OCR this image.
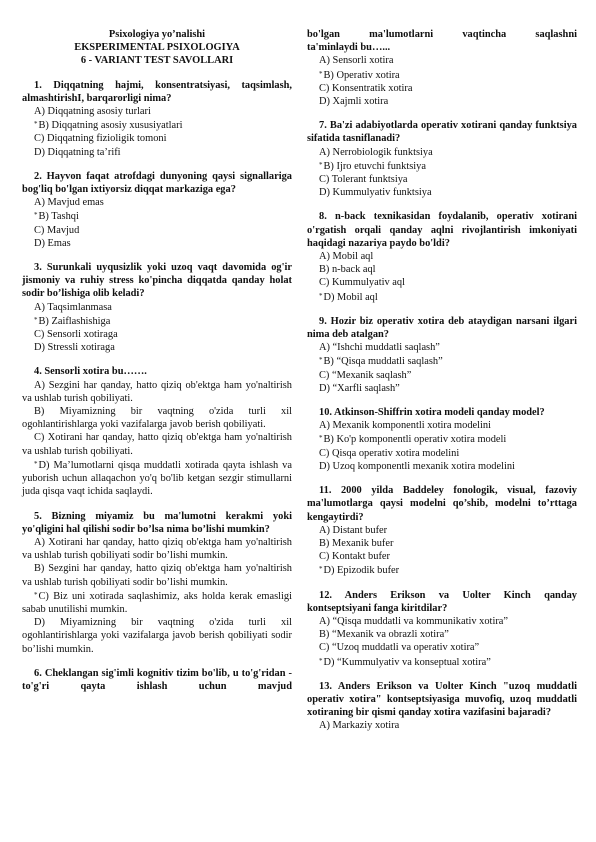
Psixologiya yo’nalishi
EKSPERIMENTAL PSIXOLOGIYA
6 - VARIANT TEST SAVOLLARI
1. Diqqatning hajmi, konsentratsiyasi, taqsimlash, almashtirishI, barqarorligi nima?
A) Diqqatning asosiy turlari
*B) Diqqatning asosiy xususiyatlari
C) Diqqatning fizioligik tomoni
D) Diqqatning ta’rifi
2. Hayvon faqat atrofdagi dunyoning qaysi signallariga bog'liq bo'lgan ixtiyorsiz diqqat markaziga ega?
A) Mavjud emas
*B) Tashqi
C) Mavjud
D) Emas
3. Surunkali uyqusizlik yoki uzoq vaqt davomida og'ir jismoniy va ruhiy stress ko'pincha diqqatda qanday holat sodir bo’lishiga olib keladi?
A) Taqsimlanmasa
*B) Zaiflashishiga
C) Sensorli xotiraga
D) Stressli xotiraga
4. Sensorli xotira bu…….
A) Sezgini har qanday, hatto qiziq ob'ektga ham yo'naltirish va ushlab turish qobiliyati.
B) Miyamizning bir vaqtning o'zida turli xil ogohlantirishlarga yoki vazifalarga javob berish qobiliyati.
C) Xotirani har qanday, hatto qiziq ob'ektga ham yo'naltirish va ushlab turish qobiliyati.
*D) Ma’lumotlarni qisqa muddatli xotirada qayta ishlash va yuborish uchun allaqachon yo'q bo'lib ketgan sezgir stimullarni juda qisqa vaqt ichida saqlaydi.
5. Bizning miyamiz bu ma'lumotni kerakmi yoki yo'qligini hal qilishi sodir bo’lsa nima bo’lishi mumkin?
A) Xotirani har qanday, hatto qiziq ob'ektga ham yo'naltirish va ushlab turish qobiliyati sodir bo’lishi mumkin.
B) Sezgini har qanday, hatto qiziq ob'ektga ham yo'naltirish va ushlab turish qobiliyati sodir bo’lishi mumkin.
*C) Biz uni xotirada saqlashimiz, aks holda kerak emasligi sabab unutilishi mumkin.
D) Miyamizning bir vaqtning o'zida turli xil ogohlantirishlarga yoki vazifalarga javob berish qobiliyati sodir bo’lishi mumkin.
6. Cheklangan sig'imli kognitiv tizim bo'lib, u to'g'ridan - to'g'ri qayta ishlash uchun mavjud
bo'lgan ma'lumotlarni vaqtincha saqlashni
ta'minlaydi bu…...
A) Sensorli xotira
*B) Operativ xotira
C) Konsentratik xotira
D) Xajmli xotira
7. Ba'zi adabiyotlarda operativ xotirani qanday funktsiya sifatida tasniflanadi?
A) Nerrobiologik funktsiya
*B) Ijro etuvchi funktsiya
C) Tolerant funktsiya
D) Kummulyativ funktsiya
8. n-back texnikasidan foydalanib, operativ xotirani o'rgatish orqali qanday aqlni rivojlantirish imkoniyati haqidagi nazariya paydo bo'ldi?
A) Mobil aql
B) n-back aql
C) Kummulyativ aql
*D) Mobil aql
9. Hozir biz operativ xotira deb ataydigan narsani ilgari nima deb atalgan?
A) “Ishchi muddatli saqlash”
*B) “Qisqa muddatli saqlash”
C) “Mexanik saqlash”
D) “Xarfli saqlash”
10. Atkinson-Shiffrin xotira modeli qanday model?
A) Mexanik komponentli xotira modelini
*B) Ko'p komponentli operativ xotira modeli
C) Qisqa operativ xotira modelini
D) Uzoq komponentli mexanik xotira modelini
11. 2000 yilda Baddeley fonologik, visual, fazoviy ma'lumotlarga qaysi modelni qo’shib, modelni to’rttaga kengaytirdi?
A) Distant bufer
B) Mexanik bufer
C) Kontakt bufer
*D) Epizodik bufer
12. Anders Erikson va Uolter Kinch qanday kontseptsiyani fanga kiritdilar?
A) “Qisqa muddatli va kommunikativ xotira”
B) “Mexanik va obrazli xotira”
C) “Uzoq muddatli va operativ xotira”
*D) “Kummulyativ va konseptual xotira”
13. Anders Erikson va Uolter Kinch "uzoq muddatli operativ xotira" kontseptsiyasiga muvofiq, uzoq muddatli xotiraning bir qismi qanday xotira vazifasini bajaradi?
A) Markaziy xotira
